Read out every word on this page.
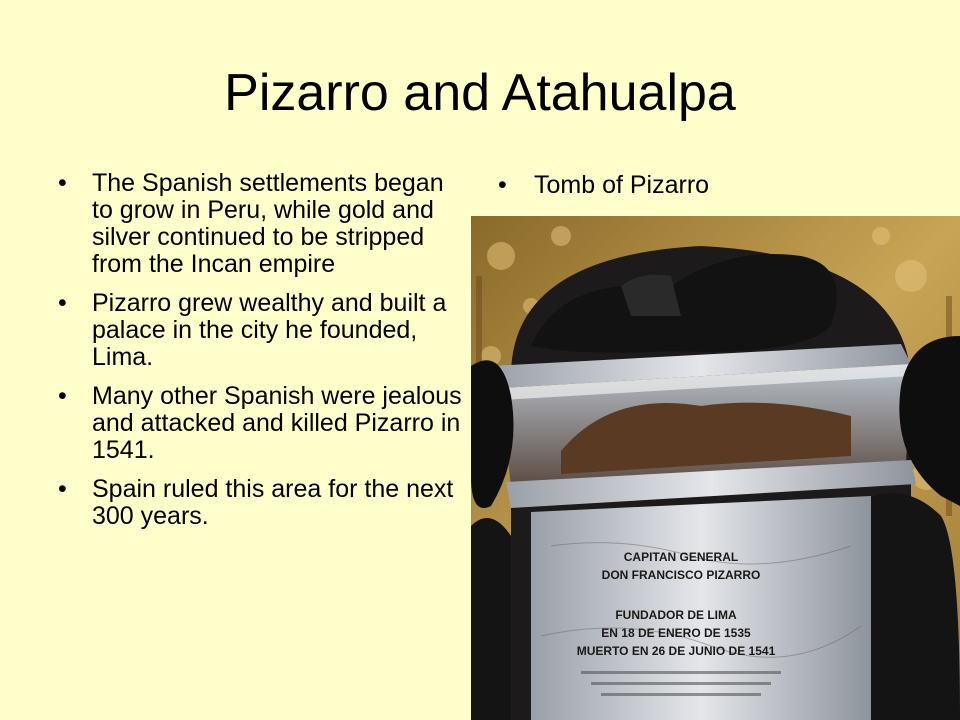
Pizarro and Atahualpa
• The Spanish settlements began to grow in Peru, while gold and silver continued to be stripped from the Incan empire
• Pizarro grew wealthy and built a palace in the city he founded, Lima.
• Many other Spanish were jealous and attacked and killed Pizarro in 1541.
• Spain ruled this area for the next 300 years.
• Tomb of Pizarro
CAPITAN GENERAL
DON FRANCISCO PIZARRO
FUNDADOR DE LIMA
EN 18 DE ENERO DE 1535
MUERTO EN 26 DE JUNIO DE 1541
